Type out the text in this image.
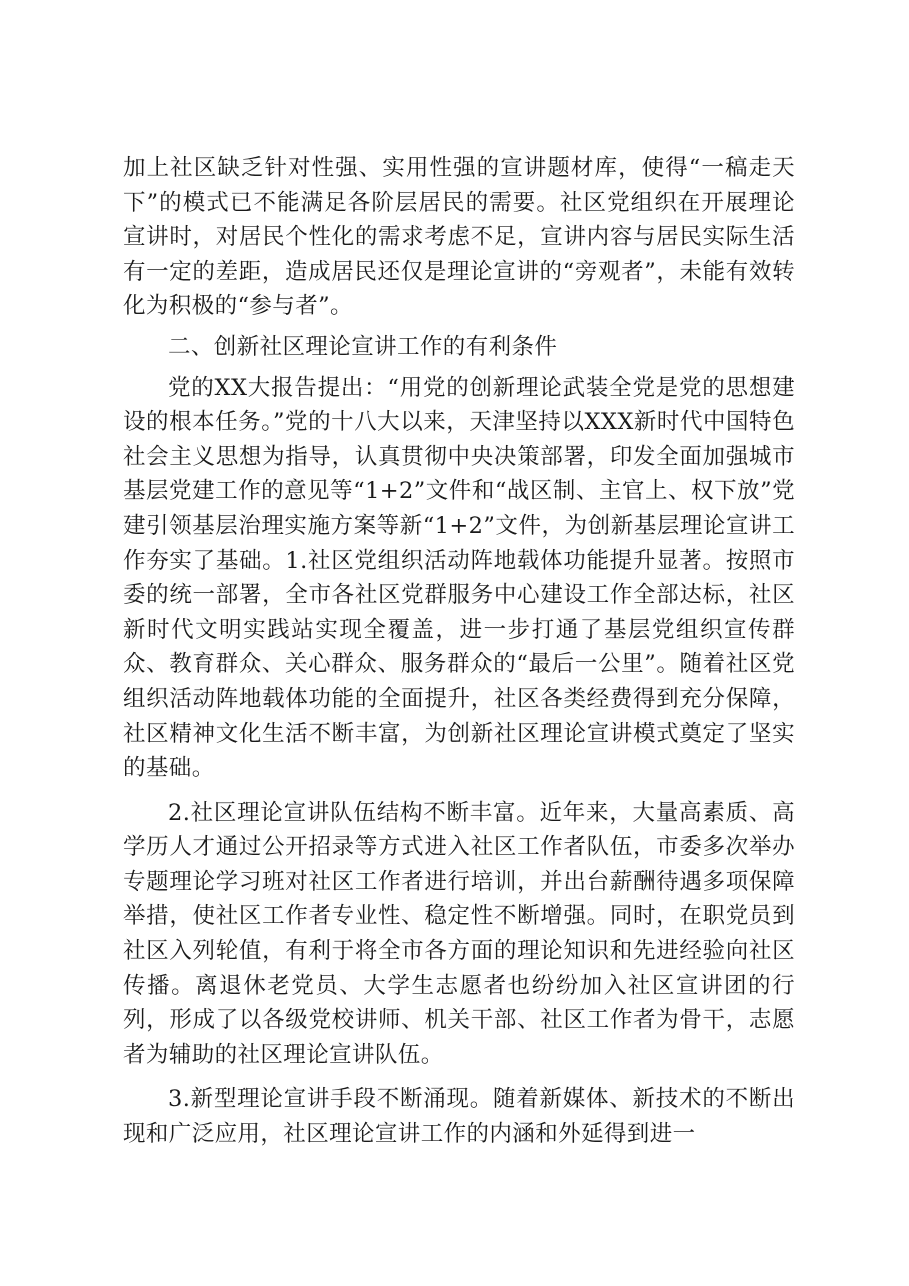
加上社区缺乏针对性强、实用性强的宣讲题材库，使得“一稿走天下”的模式已不能满足各阶层居民的需要。社区党组织在开展理论宣讲时，对居民个性化的需求考虑不足，宣讲内容与居民实际生活有一定的差距，造成居民还仅是理论宣讲的“旁观者”，未能有效转化为积极的“参与者”。

二、创新社区理论宣讲工作的有利条件

党的XX大报告提出：“用党的创新理论武装全党是党的思想建设的根本任务。”党的十八大以来，天津坚持以XXX新时代中国特色社会主义思想为指导，认真贯彻中央决策部署，印发全面加强城市基层党建工作的意见等“1+2”文件和“战区制、主官上、权下放”党建引领基层治理实施方案等新“1+2”文件，为创新基层理论宣讲工作夯实了基础。1.社区党组织活动阵地载体功能提升显著。按照市委的统一部署，全市各社区党群服务中心建设工作全部达标，社区新时代文明实践站实现全覆盖，进一步打通了基层党组织宣传群众、教育群众、关心群众、服务群众的“最后一公里”。随着社区党组织活动阵地载体功能的全面提升，社区各类经费得到充分保障，社区精神文化生活不断丰富，为创新社区理论宣讲模式奠定了坚实的基础。

2.社区理论宣讲队伍结构不断丰富。近年来，大量高素质、高学历人才通过公开招录等方式进入社区工作者队伍，市委多次举办专题理论学习班对社区工作者进行培训，并出台薪酬待遇多项保障举措，使社区工作者专业性、稳定性不断增强。同时，在职党员到社区入列轮值，有利于将全市各方面的理论知识和先进经验向社区传播。离退休老党员、大学生志愿者也纷纷加入社区宣讲团的行列，形成了以各级党校讲师、机关干部、社区工作者为骨干，志愿者为辅助的社区理论宣讲队伍。

3.新型理论宣讲手段不断涌现。随着新媒体、新技术的不断出现和广泛应用，社区理论宣讲工作的内涵和外延得到进一
